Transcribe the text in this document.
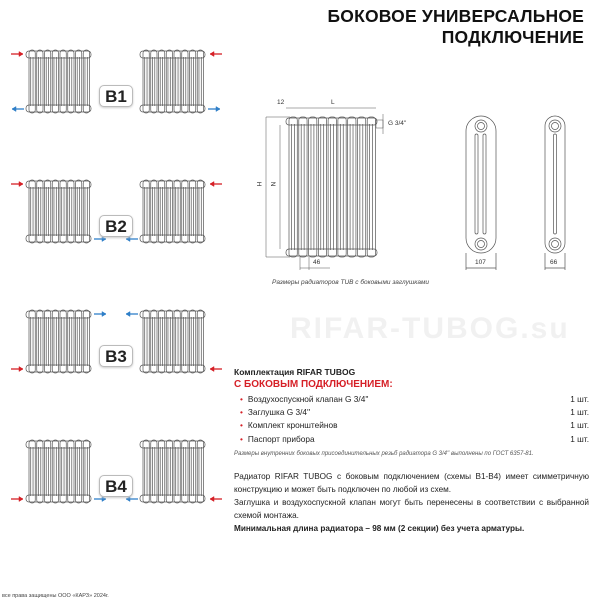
RIFAR-TUBOG.su
БОКОВОЕ УНИВЕРСАЛЬНОЕ
ПОДКЛЮЧЕНИЕ
B1
B2
B3
B4
12	L
G 3/4''
H N
46	107	66
Размеры радиаторов TUB с боковыми заглушками
Комплектация RIFAR TUBOG
С БОКОВЫМ ПОДКЛЮЧЕНИЕМ:
• Воздухоспускной клапан G 3/4''	1 шт.
• Заглушка G 3/4''	1 шт.
• Комплект кронштейнов	1 шт.
• Паспорт прибора	1 шт.
Размеры внутренних боковых присоединительных резьб радиатора G 3/4'' выполнены по ГОСТ 6357-81.
Радиатор RIFAR TUBOG с боковым подключением (схемы B1-B4) имеет симметричную конструкцию и может быть подключен по любой из схем.
Заглушка и воздухоспускной клапан могут быть перенесены в соответствии с выбранной схемой монтажа.
Минимальная длина радиатора – 98 мм (2 секции) без учета арматуры.
все права защищены ООО «КАРЗ» 2024г.
